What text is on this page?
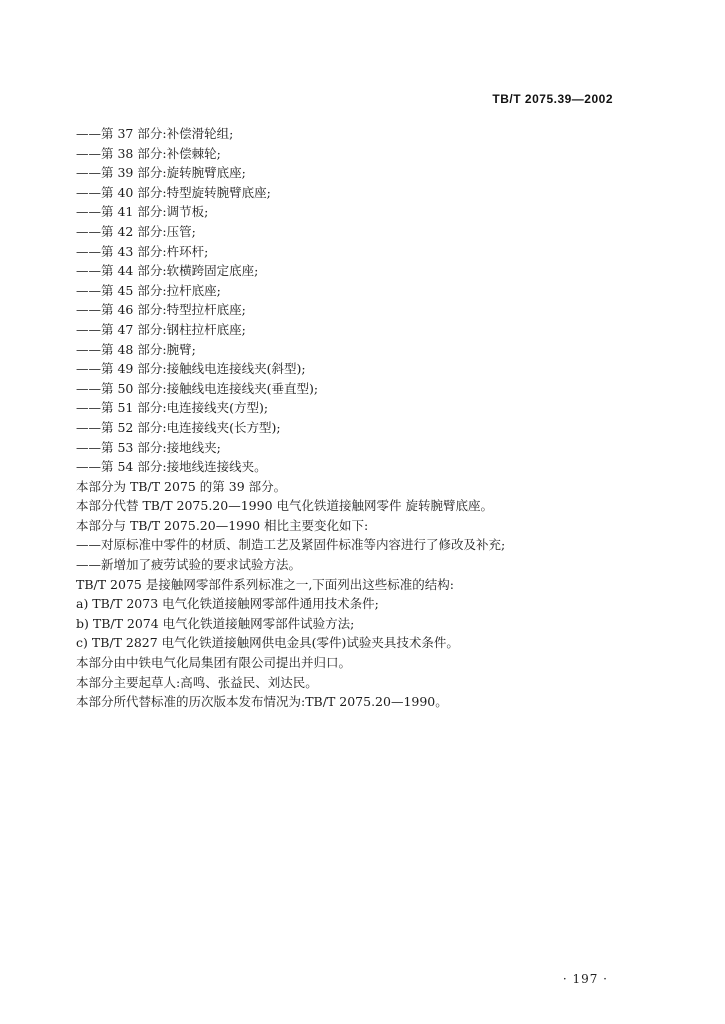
TB/T 2075.39—2002
——第 37 部分:补偿滑轮组;
——第 38 部分:补偿棘轮;
——第 39 部分:旋转腕臂底座;
——第 40 部分:特型旋转腕臂底座;
——第 41 部分:调节板;
——第 42 部分:压管;
——第 43 部分:杵环杆;
——第 44 部分:软横跨固定底座;
——第 45 部分:拉杆底座;
——第 46 部分:特型拉杆底座;
——第 47 部分:钢柱拉杆底座;
——第 48 部分:腕臂;
——第 49 部分:接触线电连接线夹(斜型);
——第 50 部分:接触线电连接线夹(垂直型);
——第 51 部分:电连接线夹(方型);
——第 52 部分:电连接线夹(长方型);
——第 53 部分:接地线夹;
——第 54 部分:接地线连接线夹。
本部分为 TB/T 2075 的第 39 部分。
本部分代替 TB/T 2075.20—1990 电气化铁道接触网零件 旋转腕臂底座。
本部分与 TB/T 2075.20—1990 相比主要变化如下:
——对原标准中零件的材质、制造工艺及紧固件标准等内容进行了修改及补充;
——新增加了疲劳试验的要求试验方法。
TB/T 2075 是接触网零部件系列标准之一,下面列出这些标准的结构:
a) TB/T 2073 电气化铁道接触网零部件通用技术条件;
b) TB/T 2074 电气化铁道接触网零部件试验方法;
c) TB/T 2827 电气化铁道接触网供电金具(零件)试验夹具技术条件。
本部分由中铁电气化局集团有限公司提出并归口。
本部分主要起草人:高鸣、张益民、刘达民。
本部分所代替标准的历次版本发布情况为:TB/T 2075.20—1990。
· 197 ·
